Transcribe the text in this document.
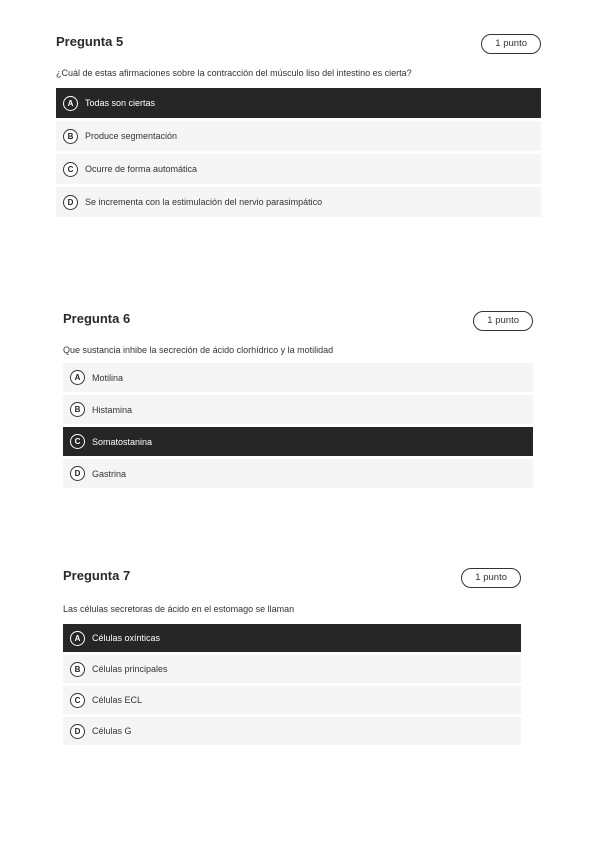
Pregunta 5	1 punto
¿Cuál de estas afirmaciones sobre la contracción del músculo liso del intestino es cierta?
A	Todas son ciertas
B	Produce segmentación
C	Ocurre de forma automática
D	Se incrementa con la estimulación del nervio parasimpático
Pregunta 6	1 punto
Que sustancia inhibe la secreción de ácido clorhídrico y la motilidad
A	Motilina
B	Histamina
C	Somatostanina
D	Gastrina
Pregunta 7	1 punto
Las células secretoras de ácido en el estomago se llaman
A	Células oxínticas
B	Células principales
C	Células ECL
D	Células G
